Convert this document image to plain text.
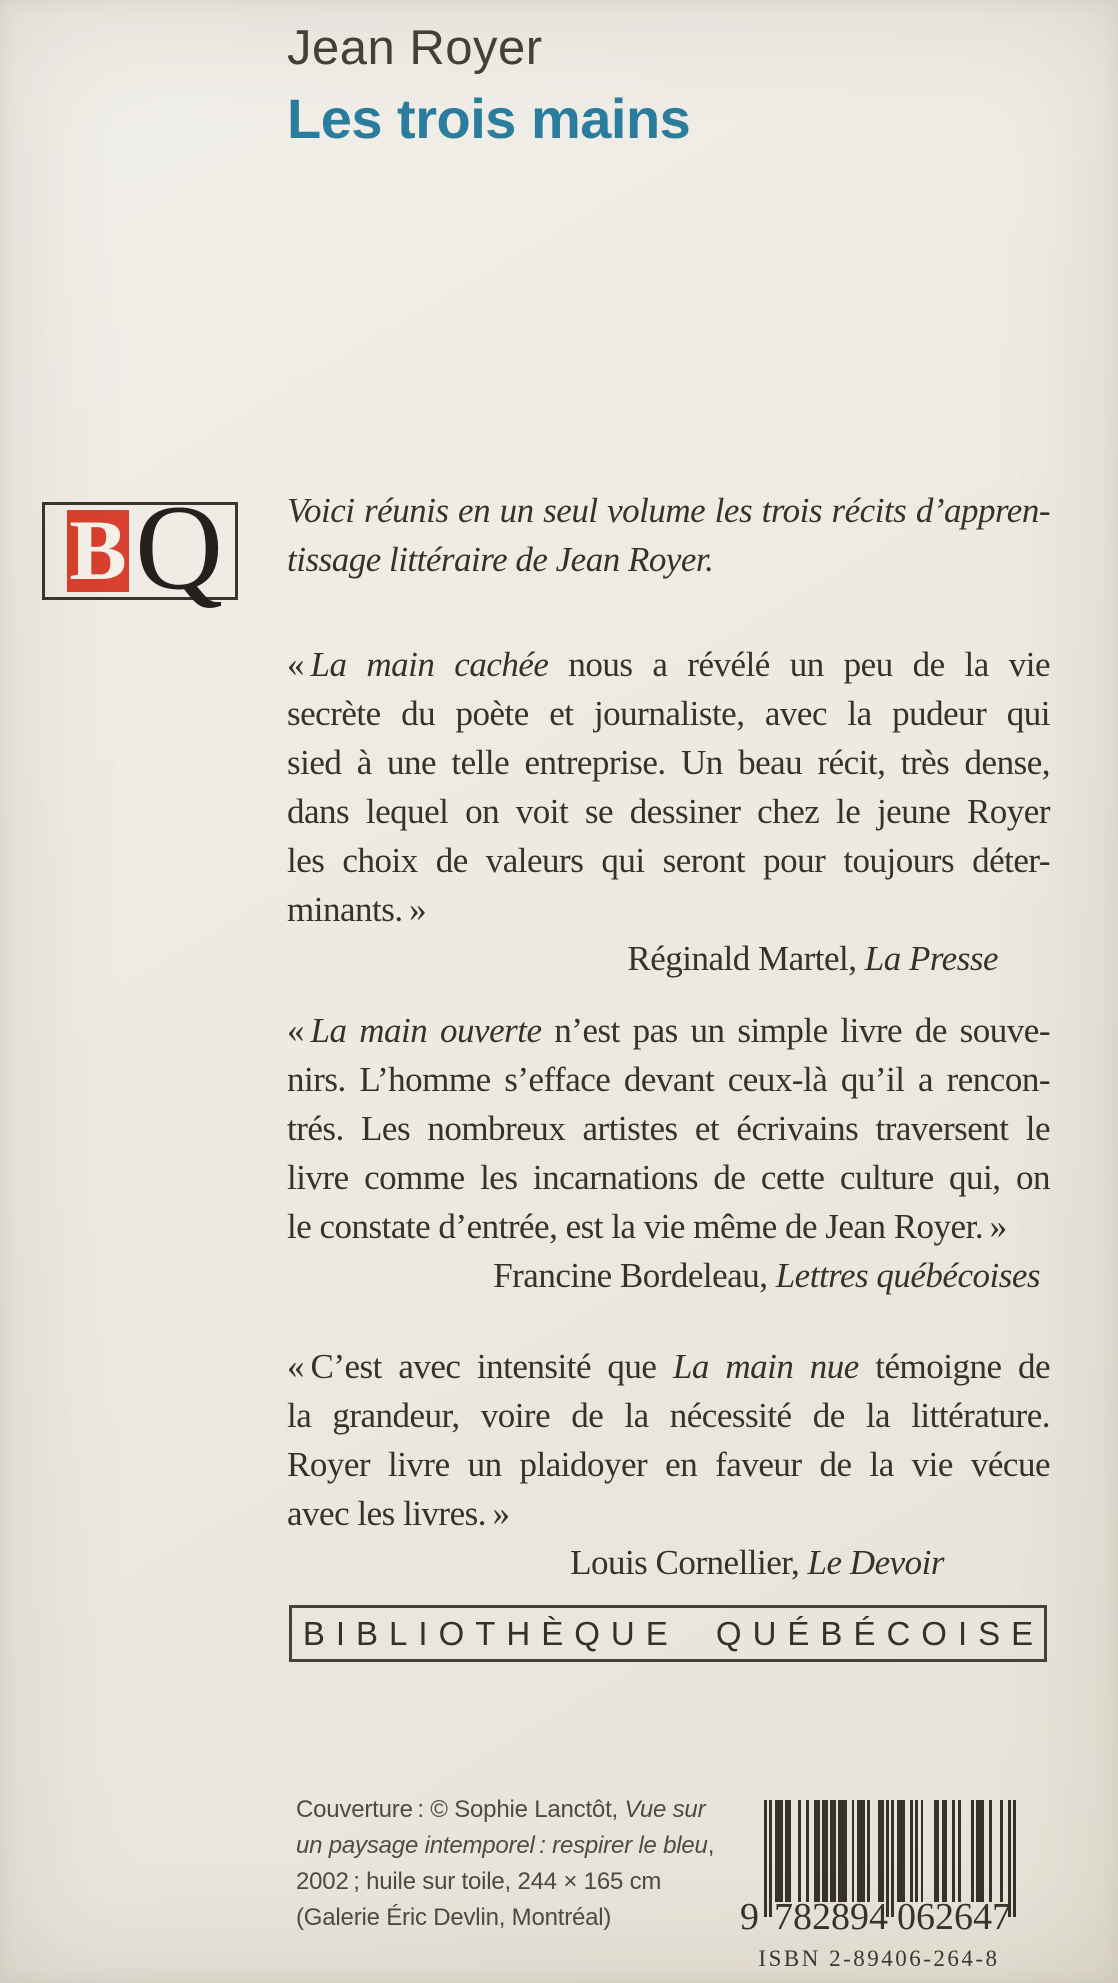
Jean Royer
Les trois mains
B Q Voici réunis en un seul volume les trois récits d’appren-
tissage littéraire de Jean Royer.
« La main cachée nous a révélé un peu de la vie
secrète du poète et journaliste, avec la pudeur qui
sied à une telle entreprise. Un beau récit, très dense,
dans lequel on voit se dessiner chez le jeune Royer
les choix de valeurs qui seront pour toujours déter-
minants. »
Réginald Martel, La Presse
« La main ouverte n’est pas un simple livre de souve-
nirs. L’homme s’efface devant ceux-là qu’il a rencon-
trés. Les nombreux artistes et écrivains traversent le
livre comme les incarnations de cette culture qui, on
le constate d’entrée, est la vie même de Jean Royer. »
Francine Bordeleau, Lettres québécoises
« C’est avec intensité que La main nue témoigne de
la grandeur, voire de la nécessité de la littérature.
Royer livre un plaidoyer en faveur de la vie vécue
avec les livres. »
Louis Cornellier, Le Devoir
BIBLIOTHÈQUE QUÉBÉCOISE
Couverture : © Sophie Lanctôt, Vue sur
un paysage intemporel : respirer le bleu,
2002 ; huile sur toile, 244 × 165 cm
(Galerie Éric Devlin, Montréal)	9 782894 062647
ISBN 2-89406-264-8
